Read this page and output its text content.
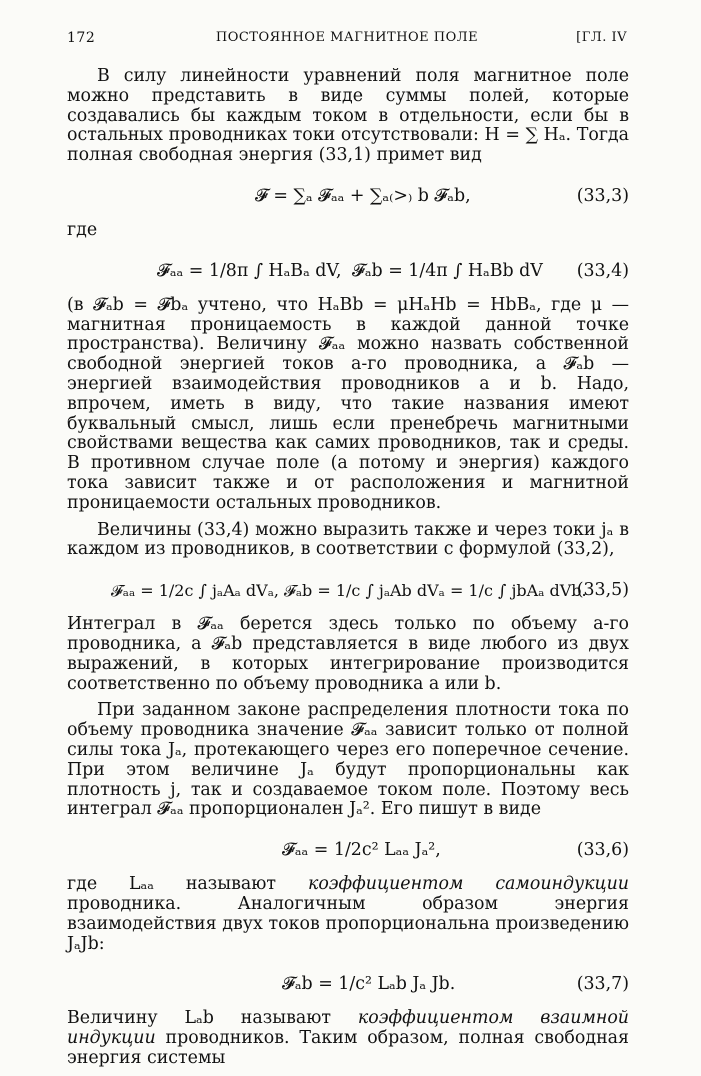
172	ПОСТОЯННОЕ МАГНИТНОЕ ПОЛЕ	[ГЛ. IV

В силу линейности уравнений поля магнитное поле можно представить в виде суммы полей, которые создавались бы каждым током в отдельности, если бы в остальных проводниках токи отсутствовали: H = ∑ Hₐ. Тогда полная свободная энергия (33,1) примет вид

𝓕 = ∑ₐ 𝓕ₐₐ + ∑ₐ₍>₎ b 𝓕ₐb,	(33,3)

где

𝓕ₐₐ = 1/8π ∫ HₐBₐ dV, 𝓕ₐb = 1/4π ∫ HₐBb dV (33,4)

(в 𝓕ₐb = 𝓕bₐ учтено, что HₐBb = μHₐHb = HbBₐ, где μ — магнитная проницаемость в каждой данной точке пространства). Величину 𝓕ₐₐ можно назвать собственной свободной энергией токов a-го проводника, а 𝓕ₐb — энергией взаимодействия проводников a и b. Надо, впрочем, иметь в виду, что такие названия имеют буквальный смысл, лишь если пренебречь магнитными свойствами вещества как самих проводников, так и среды. В противном случае поле (а потому и энергия) каждого тока зависит также и от расположения и магнитной проницаемости остальных проводников.

Величины (33,4) можно выразить также и через токи jₐ в каждом из проводников, в соответствии с формулой (33,2),

𝓕ₐₐ = 1/2c ∫ jₐAₐ dVₐ, 𝓕ₐb = 1/c ∫ jₐAb dVₐ = 1/c ∫ jbAₐ dVb.
(33,5)

Интеграл в 𝓕ₐₐ берется здесь только по объему a-го проводника, а 𝓕ₐb представляется в виде любого из двух выражений, в которых интегрирование производится соответственно по объему проводника a или b.

При заданном законе распределения плотности тока по объему проводника значение 𝓕ₐₐ зависит только от полной силы тока Jₐ, протекающего через его поперечное сечение. При этом величине Jₐ будут пропорциональны как плотность j, так и создаваемое током поле. Поэтому весь интеграл 𝓕ₐₐ пропорционален Jₐ². Его пишут в виде

𝓕ₐₐ = 1/2c² Lₐₐ Jₐ²,	(33,6)

где Lₐₐ называют коэффициентом самоиндукции проводника. Аналогичным образом энергия взаимодействия двух токов пропорциональна произведению JₐJb:

𝓕ₐb = 1/c² Lₐb Jₐ Jb.	(33,7)

Величину Lₐb называют коэффициентом взаимной индукции проводников. Таким образом, полная свободная энергия системы
